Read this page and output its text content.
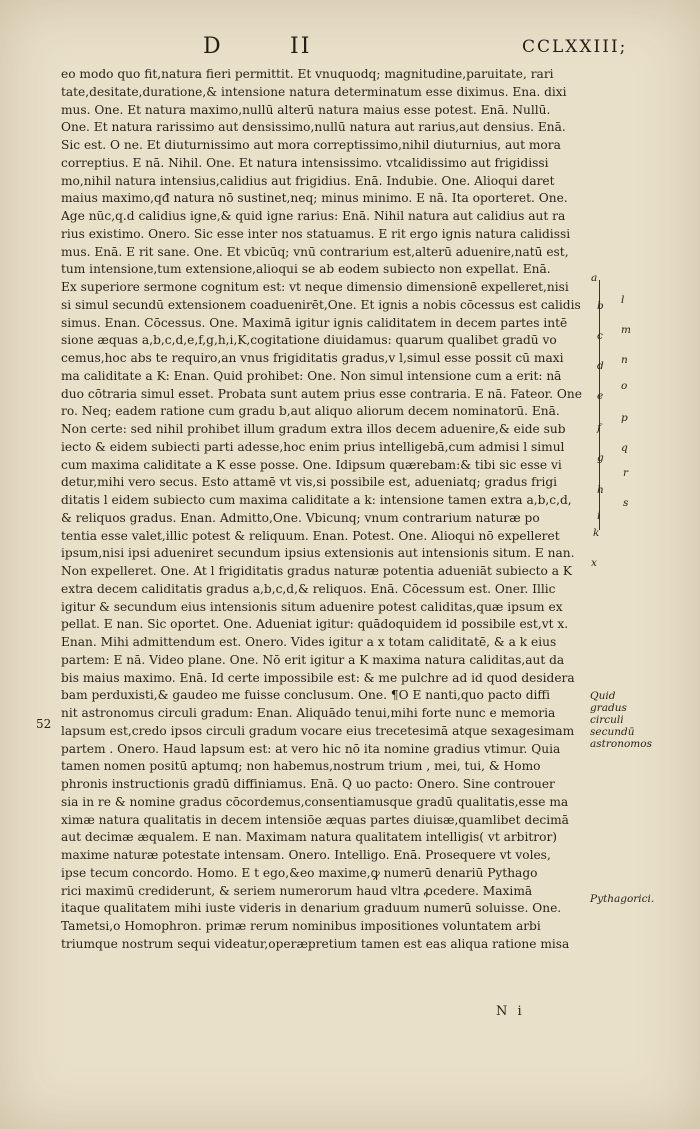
D	II	CCLXXIII;
eo modo quo fit,natura fieri permittit. Et vnuquodq; magnitudine,paruitate, rari
tate,desitate,duratione,& intensione natura determinatum esse diximus. Ena. dixi
mus. One. Et natura maximo,nullū alterū natura maius esse potest. Enā. Nullū.
One. Et natura rarissimo aut densissimo,nullū natura aut rarius,aut densius. Enā.
Sic est. O ne. Et diuturnissimo aut mora correptissimo,nihil diuturnius, aut mora
correptius. E nā. Nihil. One. Et natura intensissimo. vtcalidissimo aut frigidissi
mo,nihil natura intensius,calidius aut frigidius. Enā. Indubie. One. Alioqui daret
maius maximo,qđ natura nō sustinet,neq; minus minimo. E nā. Ita oporteret. One.
Age nūc,q.d calidius igne,& quid igne rarius: Enā. Nihil natura aut calidius aut ra
rius existimo. Onero. Sic esse inter nos statuamus. E rit ergo ignis natura calidissi
mus. Enā. E rit sane. One. Et vbicūq; vnū contrarium est,alterū aduenire,natū est,
tum intensione,tum extensione,alioqui se ab eodem subiecto non expellat. Enā.
Ex superiore sermone cognitum est: vt neque dimensio dimensionē expelleret,nisi
si simul secundū extensionem coaduenirēt,One. Et ignis a nobis cōcessus est calidis
simus. Enan. Cōcessus. One. Maximā igitur ignis caliditatem in decem partes intē
sione æquas a,b,c,d,e,f,g,h,i,K,cogitatione diuidamus: quarum qualibet gradū vo
cemus,hoc abs te requiro,an vnus frigiditatis gradus,v l,simul esse possit cū maxi
ma caliditate a K: Enan. Quid prohibet: One. Non simul intensione cum a erit: nā
duo cōtraria simul esset. Probata sunt autem prius esse contraria. E nā. Fateor. One
ro. Neq; eadem ratione cum gradu b,aut aliquo aliorum decem nominatorū. Enā.
Non certe: sed nihil prohibet illum gradum extra illos decem aduenire,& eide sub
iecto & eidem subiecti parti adesse,hoc enim prius intelligebā,cum admisi l simul
cum maxima caliditate a K esse posse. One. Idipsum quærebam:& tibi sic esse vi
detur,mihi vero secus. Esto attamē vt vis,si possibile est, adueniatq; gradus frigi
ditatis l eidem subiecto cum maxima caliditate a k: intensione tamen extra a,b,c,d,
& reliquos gradus. Enan. Admitto,One. Vbicunq; vnum contrarium naturæ po
tentia esse valet,illic potest & reliquum. Enan. Potest. One. Alioqui nō expelleret
ipsum,nisi ipsi adueniret secundum ipsius extensionis aut intensionis situm. E nan.
Non expelleret. One. At l frigiditatis gradus naturæ potentia adueniāt subiecto a K
extra decem caliditatis gradus a,b,c,d,& reliquos. Enā. Cōcessum est. Oner. Illic
igitur & secundum eius intensionis situm aduenire potest caliditas,quæ ipsum ex
pellat. E nan. Sic oportet. One. Adueniat igitur: quādoquidem id possibile est,vt x.
Enan. Mihi admittendum est. Onero. Vides igitur a x totam caliditatē, & a k eius
partem: E nā. Video plane. One. Nō erit igitur a K maxima natura caliditas,aut da
bis maius maximo. Enā. Id certe impossibile est: & me pulchre ad id quod desidera
bam perduxisti,& gaudeo me fuisse conclusum. One. ¶O E nanti,quo pacto diffi
nit astronomus circuli gradum: Enan. Aliquādo tenui,mihi forte nunc e memoria
lapsum est,credo ipsos circuli gradum vocare eius trecetesimā atque sexagesimam
partem . Onero. Haud lapsum est: at vero hic nō ita nomine gradius vtimur. Quia
tamen nomen positū aptumq; non habemus,nostrum trium , mei, tui, & Homo
phronis instructionis gradū diffiniamus. Enā. Q uo pacto: Onero. Sine controuer
sia in re & nomine gradus cōcordemus,consentiamusque gradū qualitatis,esse ma
ximæ natura qualitatis in decem intensiōe æquas partes diuisæ,quamlibet decimā
aut decimæ æqualem. E nan. Maximam natura qualitatem intelligis( vt arbitror)
maxime naturæ potestate intensam. Onero. Intelligo. Enā. Prosequere vt voles,
ipse tecum concordo. Homo. E t ego,&eo maxime,ꝙ numerū denariū Pythago
rici maximū crediderunt, & seriem numerorum haud vltra ꝓcedere. Maximā
itaque qualitatem mihi iuste videris in denarium graduum numerū soluisse. One.
Tametsi,o Homophron. primæ rerum nominibus impositiones voluntatem arbi
triumque nostrum sequi videatur,operæpretium tamen est eas aliqua ratione misa
a
b
c
d
e
f
g
h
i
k
l
m
n
o
p
q
r
s
x
Quid gradus circuli secundū astronomos
Pythagorici.
52
N i
